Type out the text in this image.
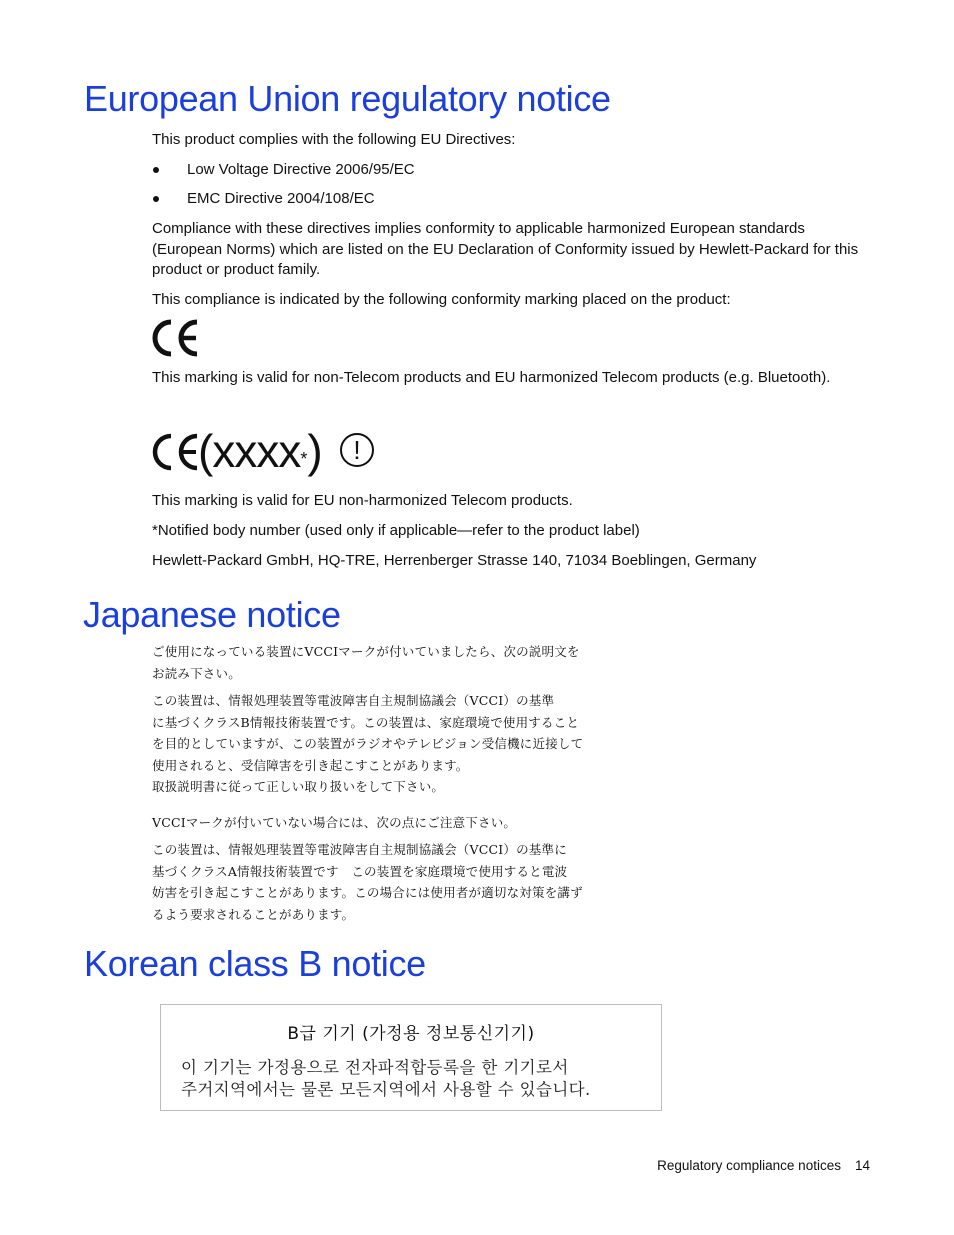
European Union regulatory notice

This product complies with the following EU Directives:

Low Voltage Directive 2006/95/EC
EMC Directive 2004/108/EC

Compliance with these directives implies conformity to applicable harmonized European standards (European Norms) which are listed on the EU Declaration of Conformity issued by Hewlett-Packard for this product or product family.

This compliance is indicated by the following conformity marking placed on the product:

This marking is valid for non-Telecom products and EU harmonized Telecom products (e.g. Bluetooth).

(xxxx*)	!

This marking is valid for EU non-harmonized Telecom products.

*Notified body number (used only if applicable—refer to the product label)

Hewlett-Packard GmbH, HQ-TRE, Herrenberger Strasse 140, 71034 Boeblingen, Germany

Japanese notice
ご使用になっている装置にVCCIマークが付いていましたら、次の説明文を
お読み下さい。
この装置は、情報処理装置等電波障害自主規制協議会（VCCI）の基準
に基づくクラスB情報技術装置です。この装置は、家庭環境で使用すること
を目的としていますが、この装置がラジオやテレビジョン受信機に近接して
使用されると、受信障害を引き起こすことがあります。
取扱説明書に従って正しい取り扱いをして下さい。
VCCIマークが付いていない場合には、次の点にご注意下さい。
この装置は、情報処理装置等電波障害自主規制協議会（VCCI）の基準に
基づくクラスA情報技術装置です　この装置を家庭環境で使用すると電波
妨害を引き起こすことがあります。この場合には使用者が適切な対策を講ず
るよう要求されることがあります。
Korean class B notice
B급 기기 (가정용 정보통신기기)
이 기기는 가정용으로 전자파적합등록을 한 기기로서
주거지역에서는 물론 모든지역에서 사용할 수 있습니다.
Regulatory compliance notices 14
